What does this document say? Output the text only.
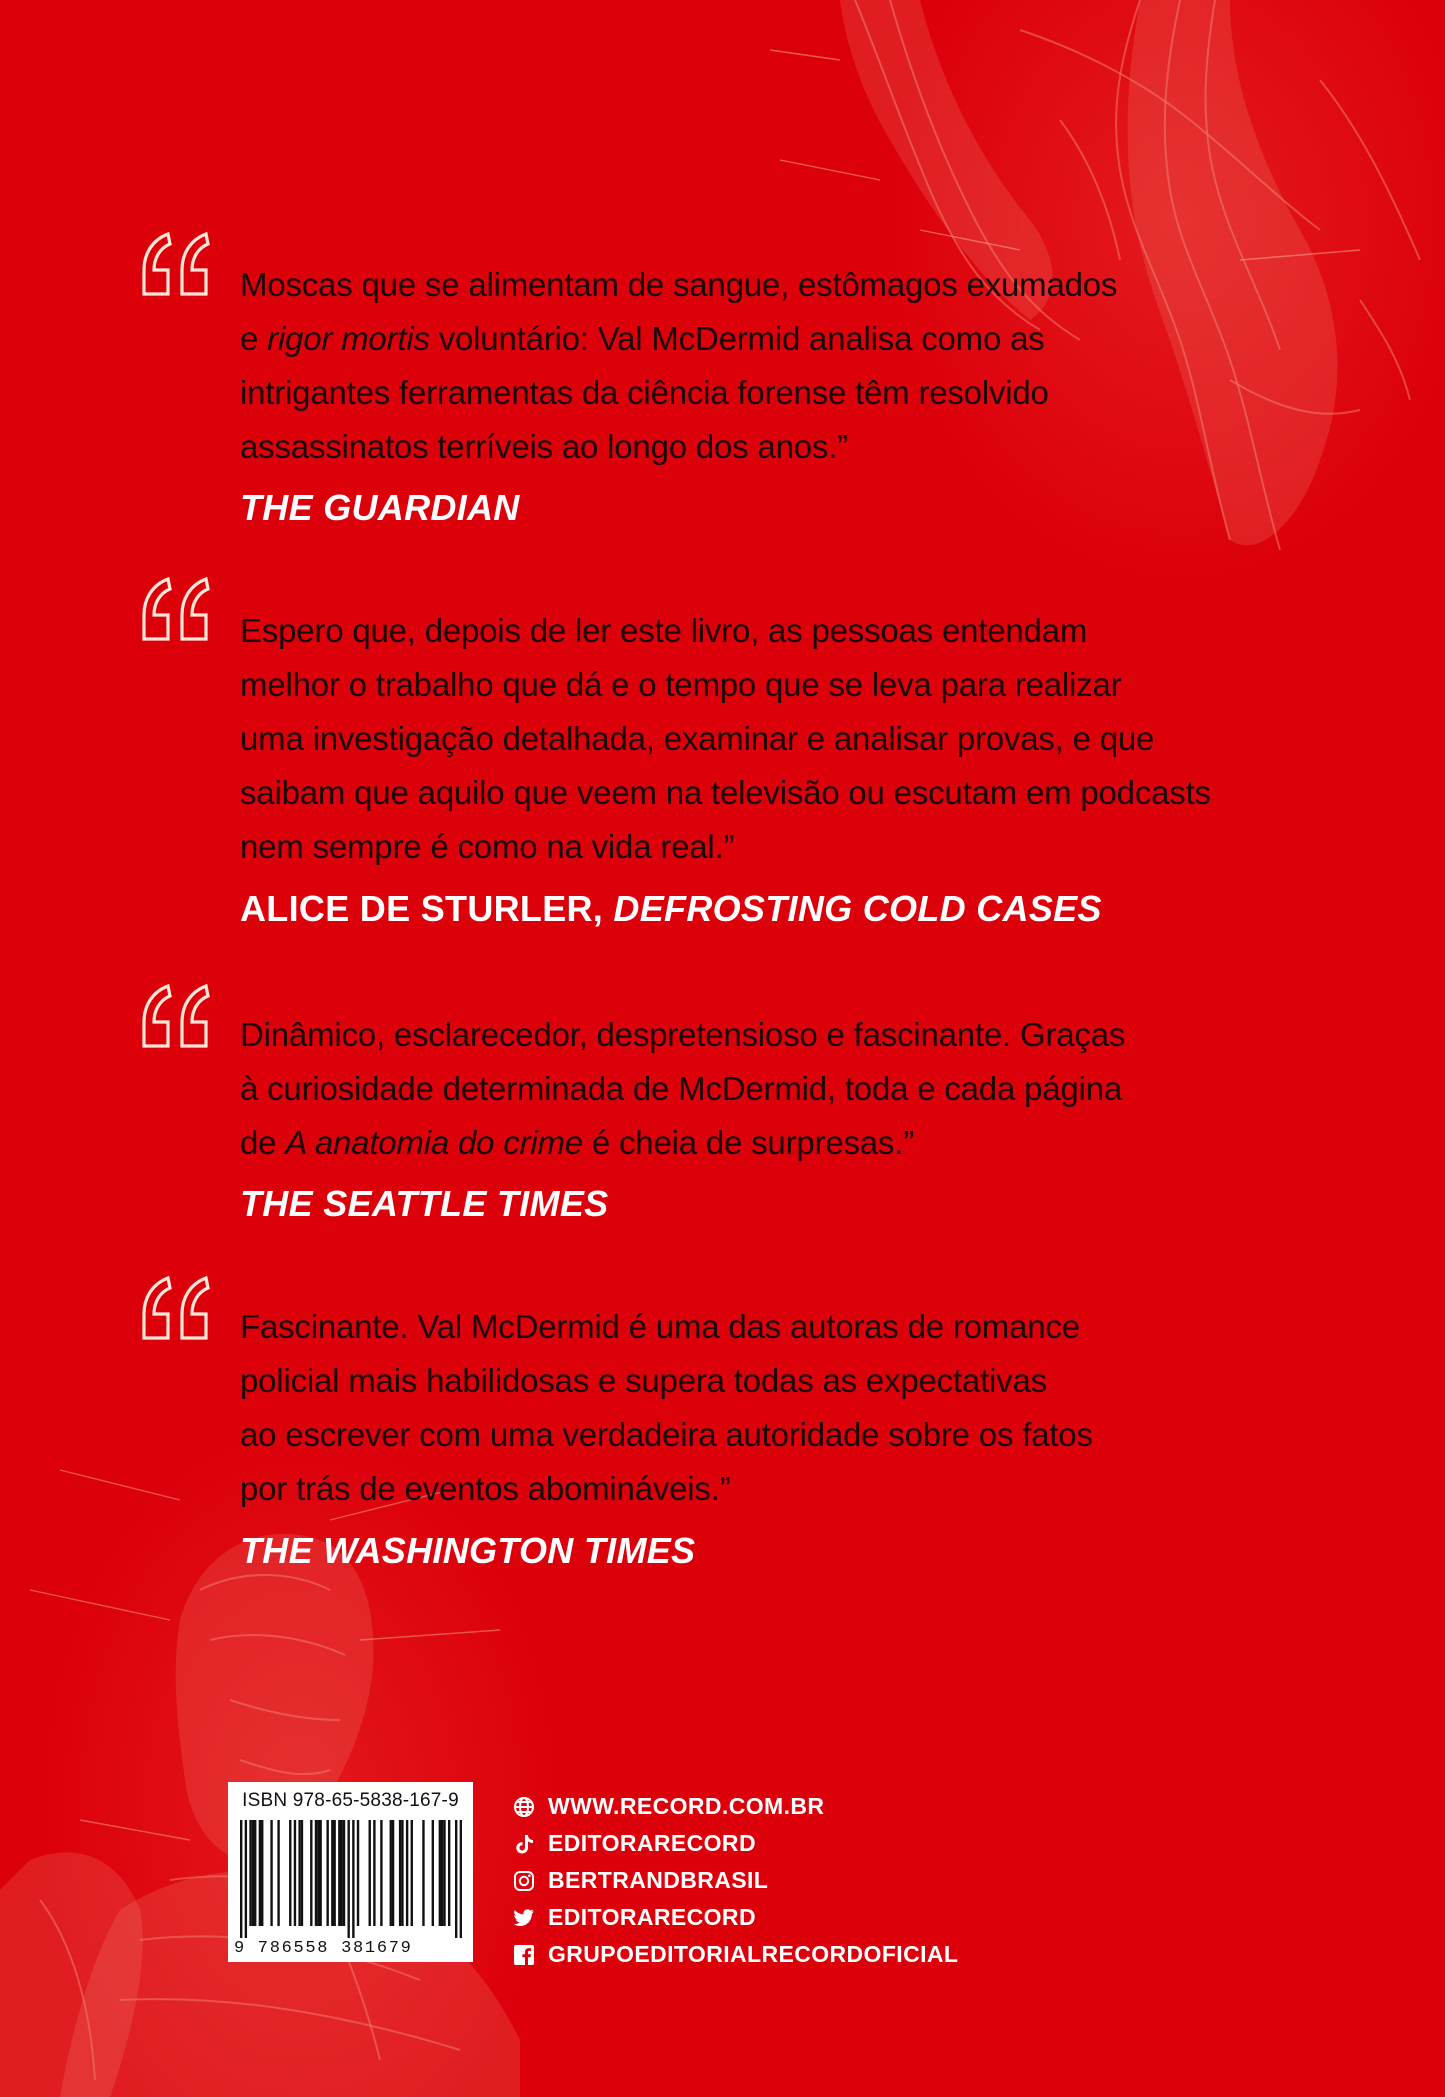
Moscas que se alimentam de sangue, estômagos exumados
e rigor mortis voluntário: Val McDermid analisa como as
intrigantes ferramentas da ciência forense têm resolvido
assassinatos terríveis ao longo dos anos.”
THE GUARDIAN
Espero que, depois de ler este livro, as pessoas entendam
melhor o trabalho que dá e o tempo que se leva para realizar
uma investigação detalhada, examinar e analisar provas, e que
saibam que aquilo que veem na televisão ou escutam em podcasts
nem sempre é como na vida real.”
ALICE DE STURLER, DEFROSTING COLD CASES
Dinâmico, esclarecedor, despretensioso e fascinante. Graças
à curiosidade determinada de McDermid, toda e cada página
de A anatomia do crime é cheia de surpresas.”
THE SEATTLE TIMES
Fascinante. Val McDermid é uma das autoras de romance
policial mais habilidosas e supera todas as expectativas
ao escrever com uma verdadeira autoridade sobre os fatos
por trás de eventos abomináveis.”
THE WASHINGTON TIMES
ISBN 978-65-5838-167-9
9 786558 381679
WWW.RECORD.COM.BR
EDITORARECORD
BERTRANDBRASIL
EDITORARECORD
GRUPOEDITORIALRECORDOFICIAL
